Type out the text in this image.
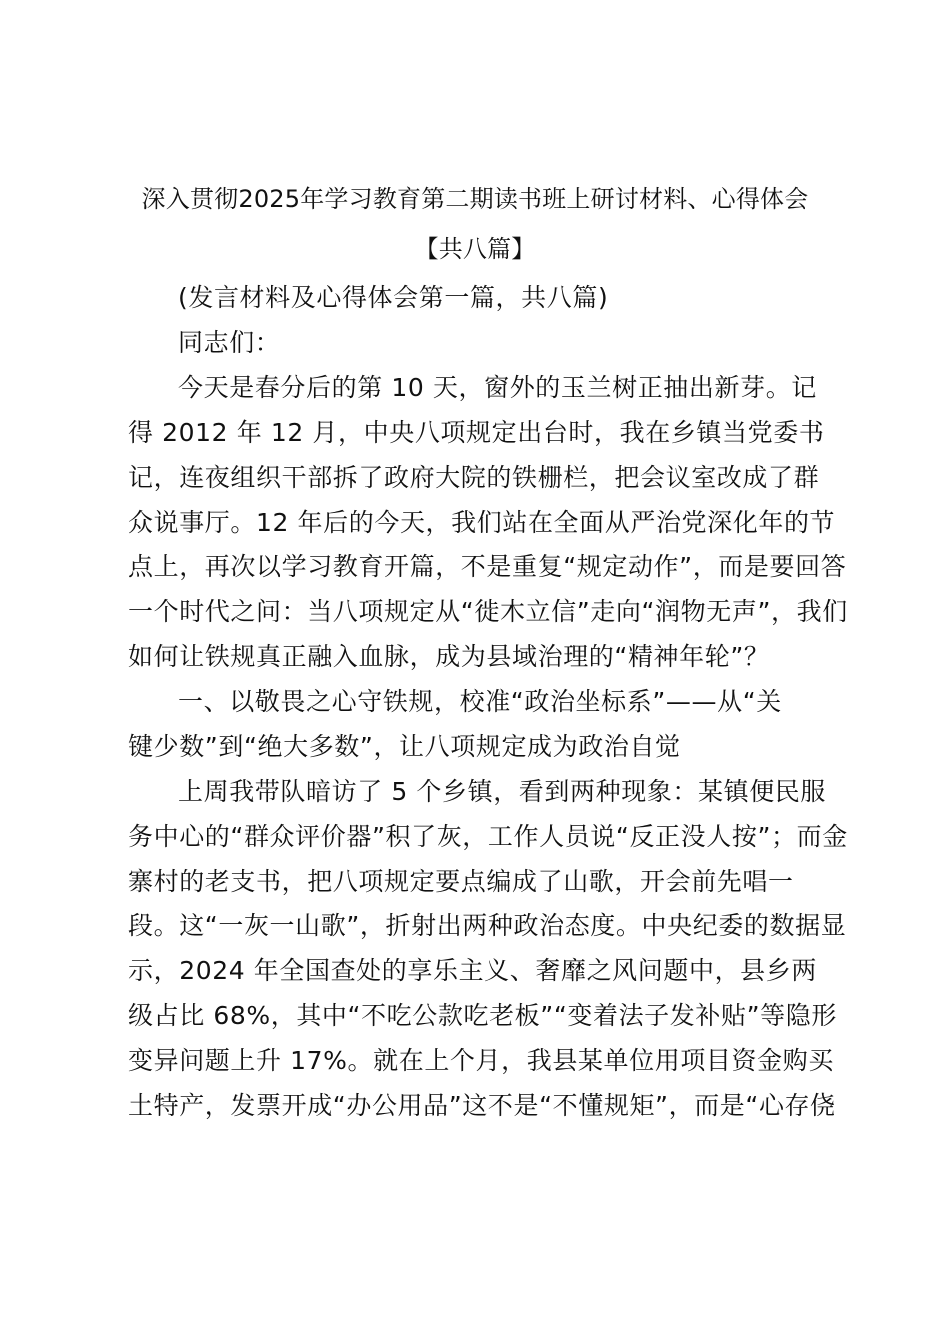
深入贯彻2025年学习教育第二期读书班上研讨材料、心得体会
【共八篇】
(发言材料及心得体会第一篇，共八篇)
同志们：
今天是春分后的第 10 天，窗外的玉兰树正抽出新芽。记
得 2012 年 12 月，中央八项规定出台时，我在乡镇当党委书
记，连夜组织干部拆了政府大院的铁栅栏，把会议室改成了群
众说事厅。12 年后的今天，我们站在全面从严治党深化年的节
点上，再次以学习教育开篇，不是重复“规定动作”，而是要回答
一个时代之问：当八项规定从“徙木立信”走向“润物无声”，我们
如何让铁规真正融入血脉，成为县域治理的“精神年轮”？
一、以敬畏之心守铁规，校准“政治坐标系”——从“关
键少数”到“绝大多数”，让八项规定成为政治自觉
上周我带队暗访了 5 个乡镇，看到两种现象：某镇便民服
务中心的“群众评价器”积了灰，工作人员说“反正没人按”；而金
寨村的老支书，把八项规定要点编成了山歌，开会前先唱一
段。这“一灰一山歌”，折射出两种政治态度。中央纪委的数据显
示，2024 年全国查处的享乐主义、奢靡之风问题中，县乡两
级占比 68%，其中“不吃公款吃老板”“变着法子发补贴”等隐形
变异问题上升 17%。就在上个月，我县某单位用项目资金购买
土特产，发票开成“办公用品”这不是“不懂规矩”，而是“心存侥
